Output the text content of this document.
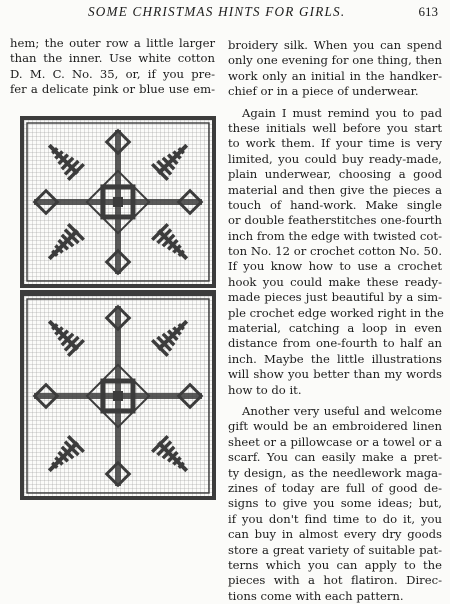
SOME CHRISTMAS HINTS FOR GIRLS.	613
hem; the outer row a little larger
than the inner. Use white cotton
D. M. C. No. 35, or, if you pre-
fer a delicate pink or blue use em-
broidery silk. When you can spend
only one evening for one thing, then
work only an initial in the handker-
chief or in a piece of underwear.
Again I must remind you to pad
these initials well before you start
to work them. If your time is very
limited, you could buy ready-made,
plain underwear, choosing a good
material and then give the pieces a
touch of hand-work. Make single
or double featherstitches one-fourth
inch from the edge with twisted cot-
ton No. 12 or crochet cotton No. 50.
If you know how to use a crochet
hook you could make these ready-
made pieces just beautiful by a sim-
ple crochet edge worked right in the
material, catching a loop in even
distance from one-fourth to half an
inch. Maybe the little illustrations
will show you better than my words
how to do it.
Another very useful and welcome
gift would be an embroidered linen
sheet or a pillowcase or a towel or a
scarf. You can easily make a pret-
ty design, as the needlework maga-
zines of today are full of good de-
signs to give you some ideas; but,
if you don't find time to do it, you
can buy in almost every dry goods
store a great variety of suitable pat-
terns which you can apply to the
pieces with a hot flatiron. Direc-
tions come with each pattern.
